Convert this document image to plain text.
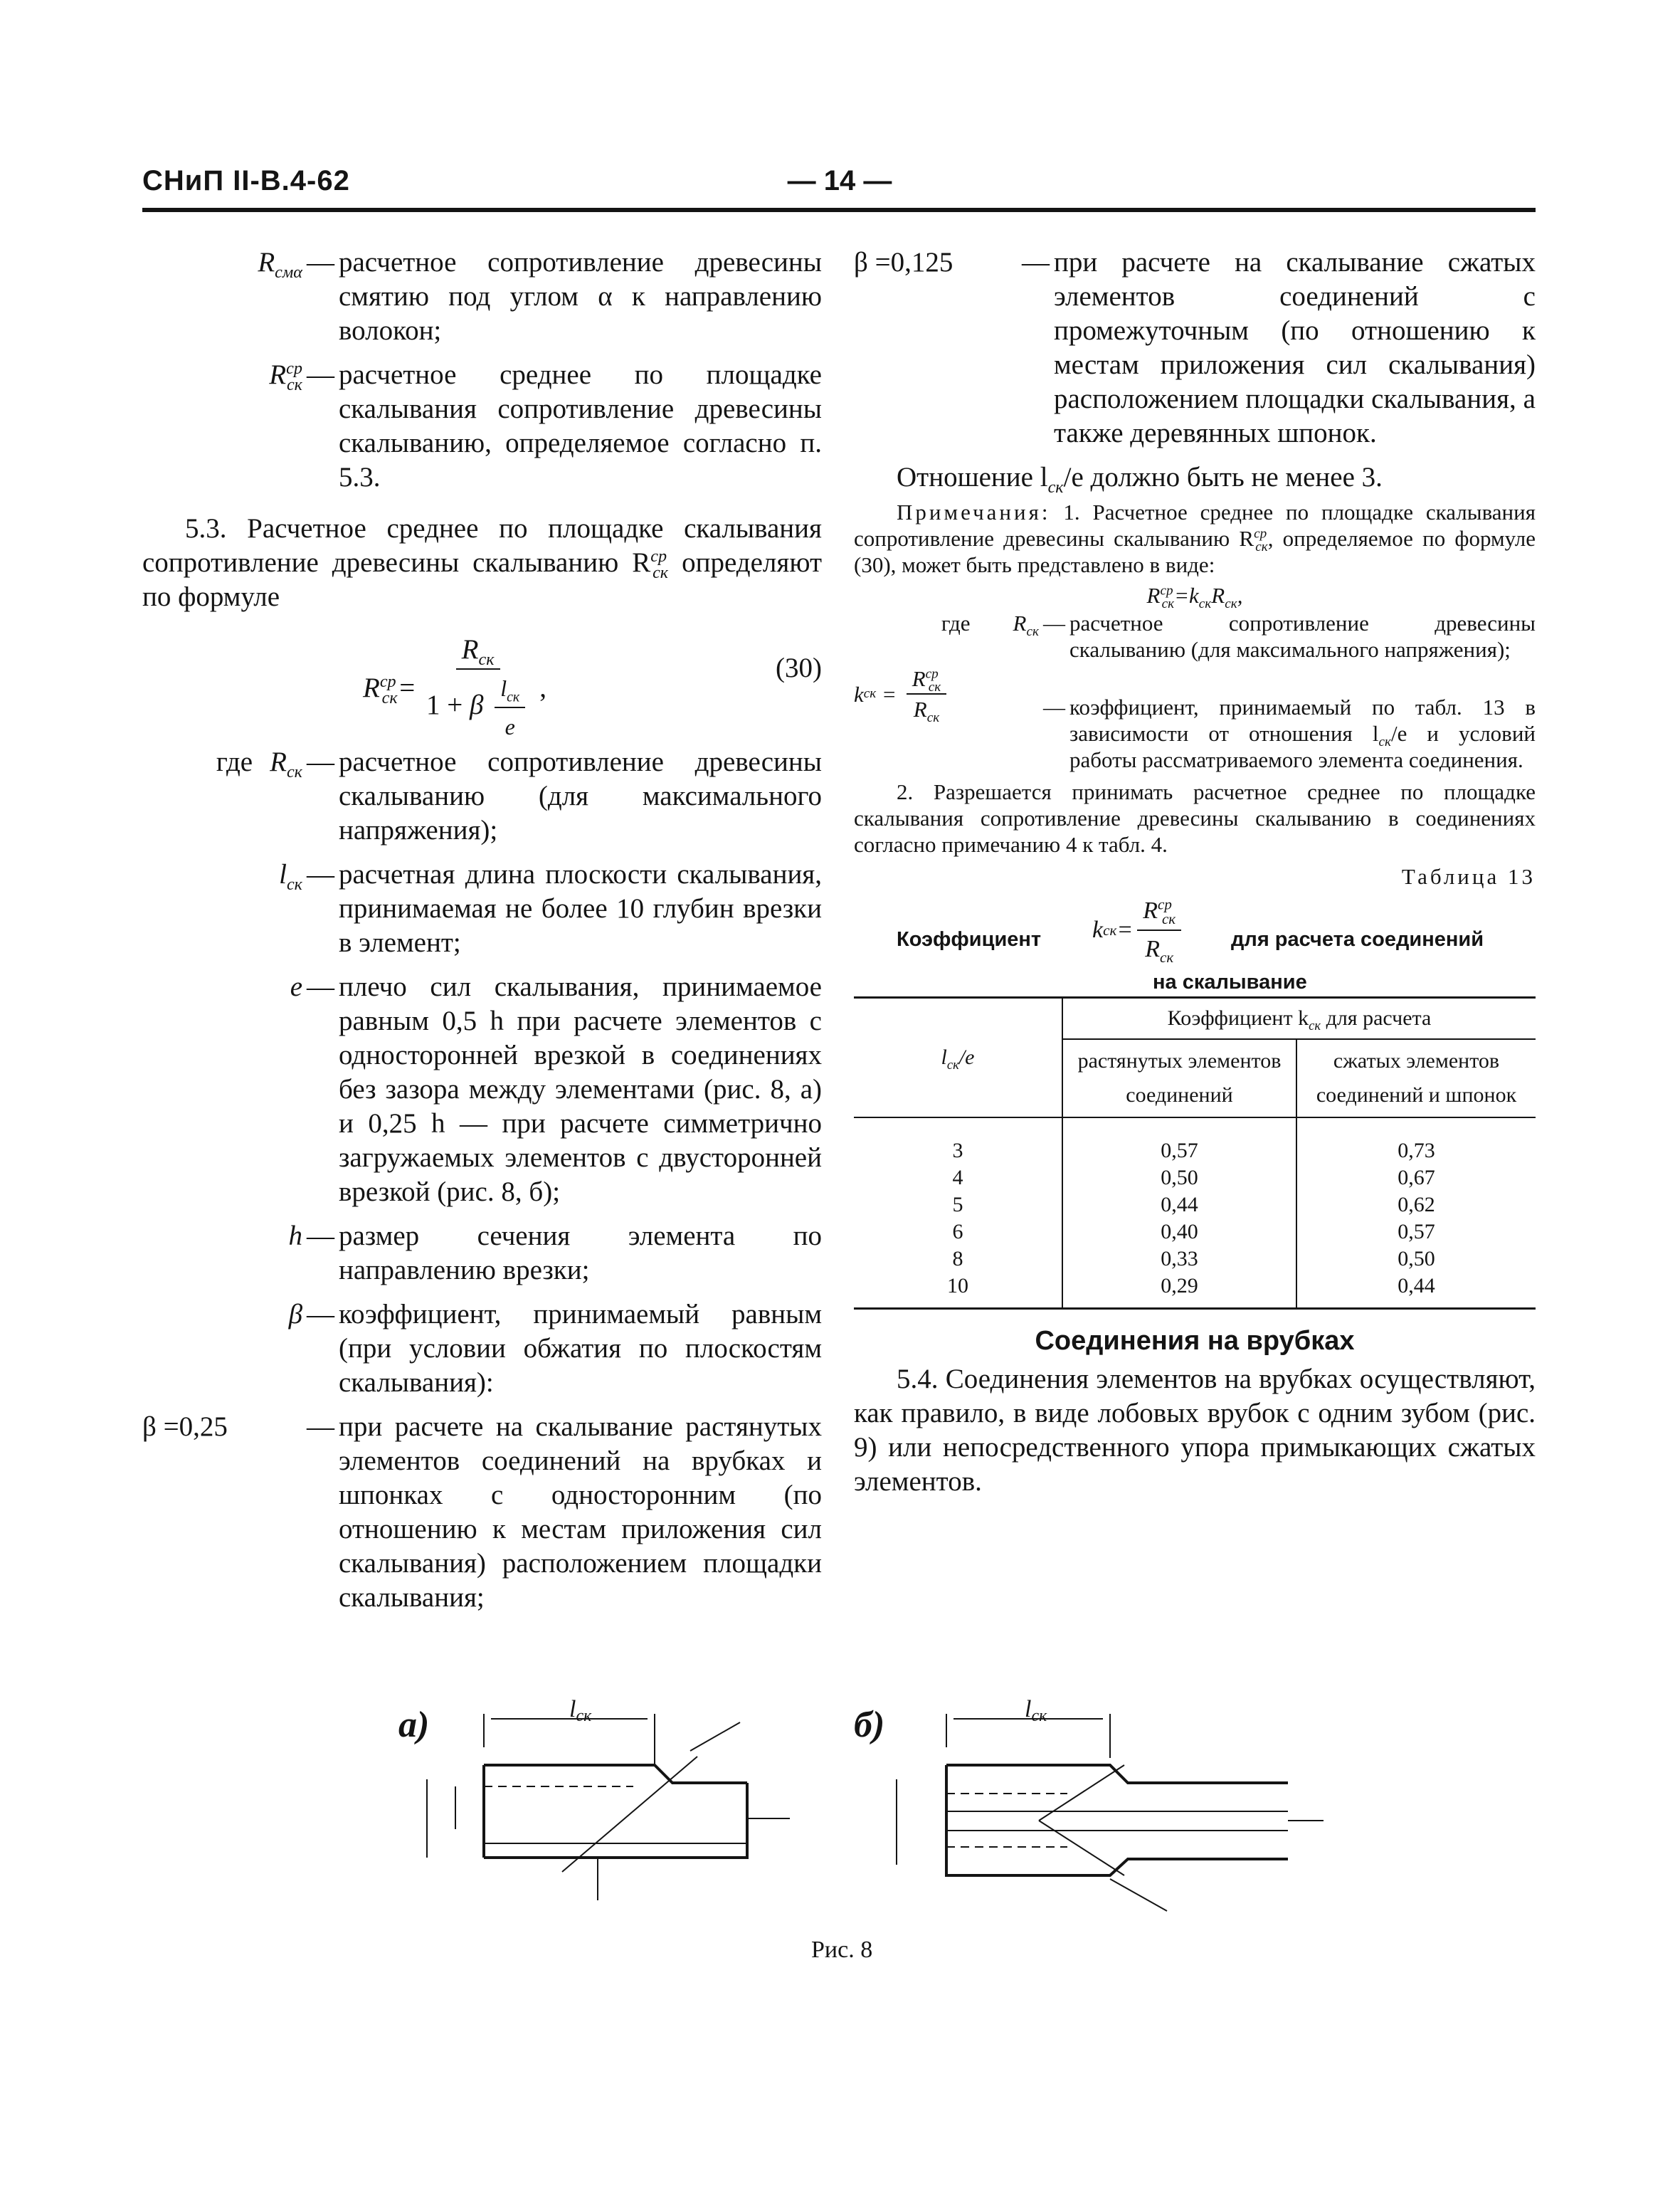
СНиП II-В.4-62	— 14 —
$R_{см\alpha}$ — расчетное сопротивление древесины смятию под углом α к направлению волокон;
$R^{ср}_{ск}$ — расчетное среднее по площадке скалывания сопротивление древесины скалыванию, определяемое согласно п. 5.3.
5.3. Расчетное среднее по площадке скалывания сопротивление древесины скалыванию $R^{ср}_{ск}$ определяют по формуле
$R^{ср}_{ск}= \frac{R_{ск}}{1 + \beta \frac{l_{ск}}{e}}$ ,
(30)
где $R_{ск}$ — расчетное сопротивление древесины скалыванию (для максимального напряжения);
$l_{ск}$ — расчетная длина плоскости скалывания, принимаемая не более 10 глубин врезки в элемент;
e — плечо сил скалывания, принимаемое равным 0,5 h при расчете элементов с односторонней врезкой в соединениях без зазора между элементами (рис. 8, а) и 0,25 h — при расчете симметрично загружаемых элементов с двусторонней врезкой (рис. 8, б);
h — размер сечения элемента по направлению врезки;
β — коэффициент, принимаемый равным (при условии обжатия по плоскостям скалывания):
β =0,25	— при расчете на скалывание растянутых элементов соединений на врубках и шпонках с односторонним (по отношению к местам приложения сил скалывания) расположением площадки скалывания;
β =0,125	— при расчете на скалывание сжатых элементов соединений с промежуточным (по отношению к местам приложения сил скалывания) расположением площадки скалывания, а также деревянных шпонок.
Отношение $l_{ск}/e$ должно быть не менее 3.
Примечания: 1. Расчетное среднее по площадке скалывания сопротивление древесины скалыванию $R^{ср}_{ск}$, определяемое по формуле (30), может быть представлено в виде:
$R^{ср}_{ск}=k_{ск}R_{ск}$,
где $R_{ск}$ — расчетное сопротивление древесины скалыванию (для максимального напряжения);
k ск = $\frac{R^{ср}_{ск}}{R_{ск}}$	— коэффициент, принимаемый по табл. 13 в зависимости от отношения $l_{ск}/e$ и условий работы рассматриваемого элемента соединения.
2. Разрешается принимать расчетное среднее по площадке скалывания сопротивление древесины скалыванию в соединениях согласно примечанию 4 к табл. 4.
Таблица 13
Коэффициент k ск = $\frac{R^{ср}_{ск}}{R_{ск}}$ для расчета соединений
на скалывание
$l_{ск}/e$	Коэффициент $k_{ск}$ для расчета	
	растянутых элементов соединений	сжатых элементов соединений и шпонок
3	0,57	0,73
4	0,50	0,67
5	0,44	0,62
6	0,40	0,57
8	0,33	0,50
10	0,29	0,44
Соединения на врубках
5.4. Соединения элементов на врубках осуществляют, как правило, в виде лобовых врубок с одним зубом (рис. 9) или непосредственного упора примыкающих сжатых элементов.
а)	б)
lск	lск
Рис. 8
